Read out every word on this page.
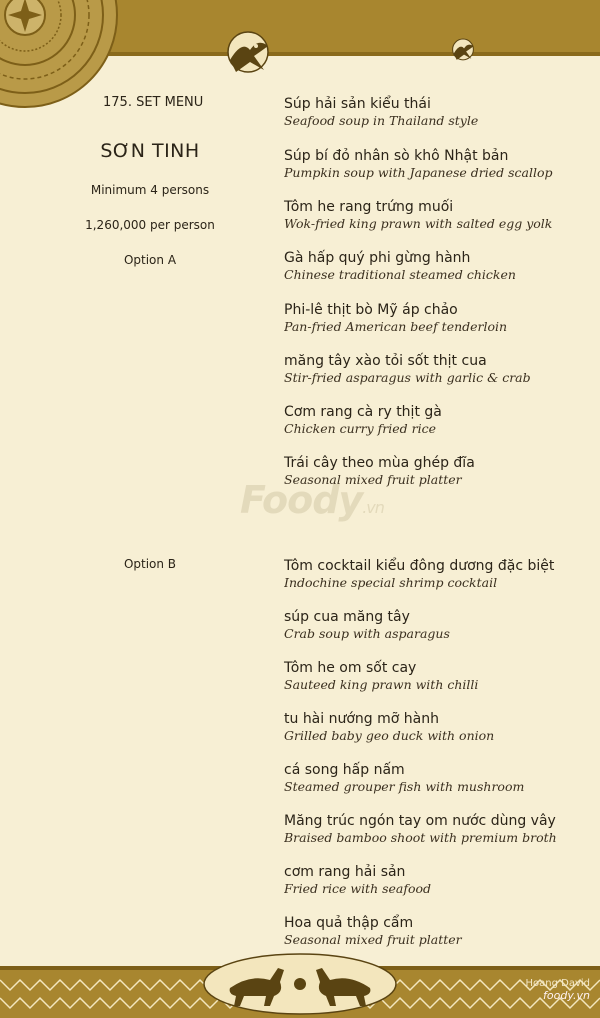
175. SET MENU
SƠN TINH
Minimum 4 persons
1,260,000 per person
Option A
Option B
Súp hải sản kiểu thái
Seafood soup in Thailand style
Súp bí đỏ nhân sò khô Nhật bản
Pumpkin soup with Japanese dried scallop
Tôm he rang trứng muối
Wok-fried king prawn with salted egg yolk
Gà hấp quý phi gừng hành
Chinese traditional steamed chicken
Phi-lê thịt bò Mỹ áp chảo
Pan-fried American beef tenderloin
măng tây xào tỏi sốt thịt cua
Stir-fried asparagus with garlic & crab
Cơm rang cà ry thịt gà
Chicken curry fried rice
Trái cây theo mùa ghép đĩa
Seasonal mixed fruit platter
Foody.vn
Tôm cocktail kiểu đông dương đặc biệt
Indochine special shrimp cocktail
súp cua măng tây
Crab soup with asparagus
Tôm he om sốt cay
Sauteed king prawn with chilli
tu hài nướng mỡ hành
Grilled baby geo duck with onion
cá song hấp nấm
Steamed grouper fish with mushroom
Măng trúc ngón tay om nước dùng vây
Braised bamboo shoot with premium broth
cơm rang hải sản
Fried rice with seafood
Hoa quả thập cẩm
Seasonal mixed fruit platter
Hoang David
foody.vn
